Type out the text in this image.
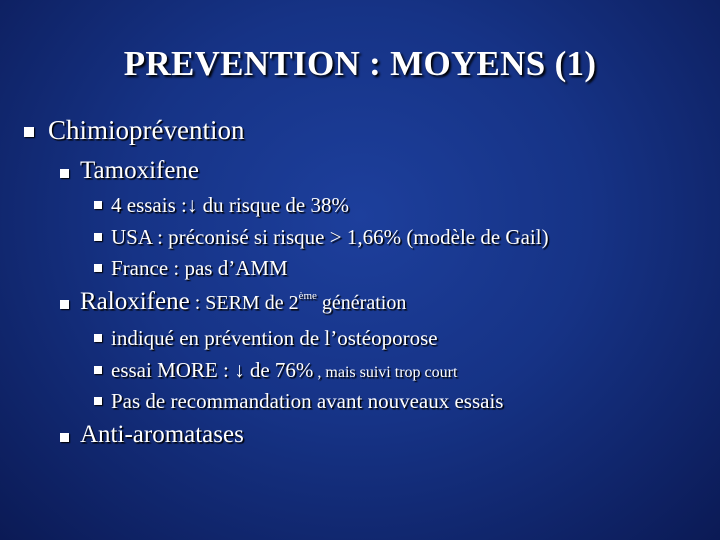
PREVENTION : MOYENS (1)
Chimioprévention
Tamoxifene
4 essais :↓ du risque de 38%
USA : préconisé si risque > 1,66% (modèle de Gail)
France : pas d’AMM
Raloxifene : SERM de 2ème génération
indiqué en prévention de l’ostéoporose
essai MORE : ↓ de 76% , mais suivi trop court
Pas de recommandation avant nouveaux essais
Anti-aromatases
